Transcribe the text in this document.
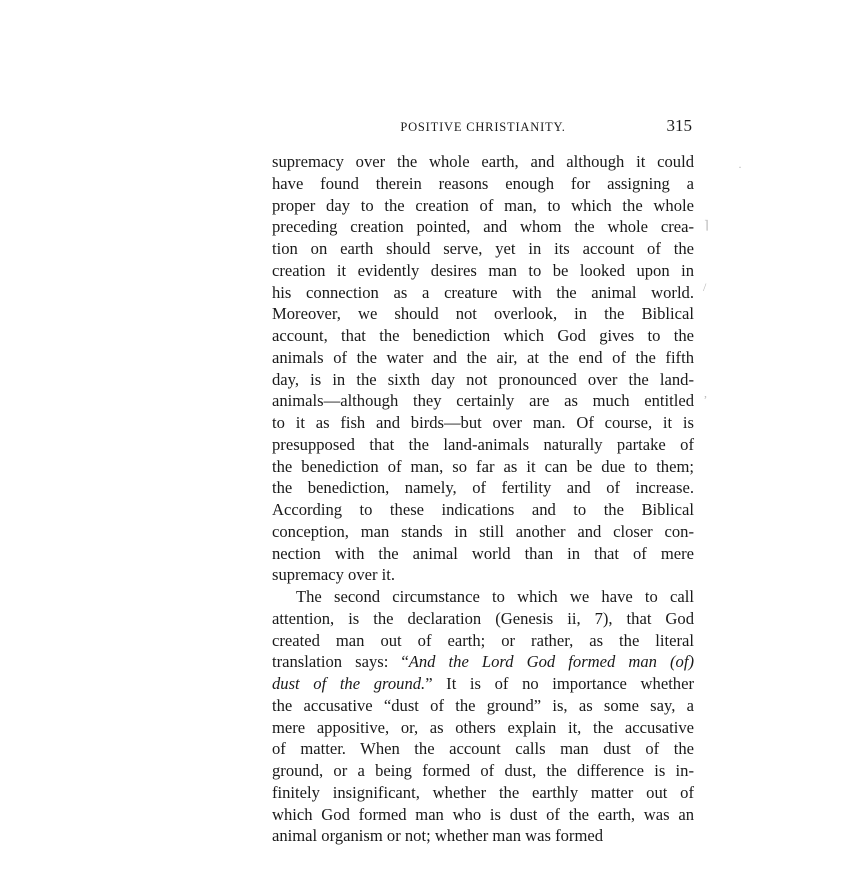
POSITIVE CHRISTIANITY.	315
supremacy over the whole earth, and although it could
have found therein reasons enough for assigning a
proper day to the creation of man, to which the whole
preceding creation pointed, and whom the whole crea-
tion on earth should serve, yet in its account of the
creation it evidently desires man to be looked upon in
his connection as a creature with the animal world.
Moreover, we should not overlook, in the Biblical
account, that the benediction which God gives to the
animals of the water and the air, at the end of the fifth
day, is in the sixth day not pronounced over the land-
animals—although they certainly are as much entitled
to it as fish and birds—but over man. Of course, it is
presupposed that the land-animals naturally partake of
the benediction of man, so far as it can be due to them;
the benediction, namely, of fertility and of increase.
According to these indications and to the Biblical
conception, man stands in still another and closer con-
nection with the animal world than in that of mere
supremacy over it.
The second circumstance to which we have to call
attention, is the declaration (Genesis ii, 7), that God
created man out of earth; or rather, as the literal
translation says: “And the Lord God formed man (of)
dust of the ground.” It is of no importance whether
the accusative “dust of the ground” is, as some say, a
mere appositive, or, as others explain it, the accusative
of matter. When the account calls man dust of the
ground, or a being formed of dust, the difference is in-
finitely insignificant, whether the earthly matter out of
which God formed man who is dust of the earth, was an
animal organism or not; whether man was formed
·
⌉
/
,
